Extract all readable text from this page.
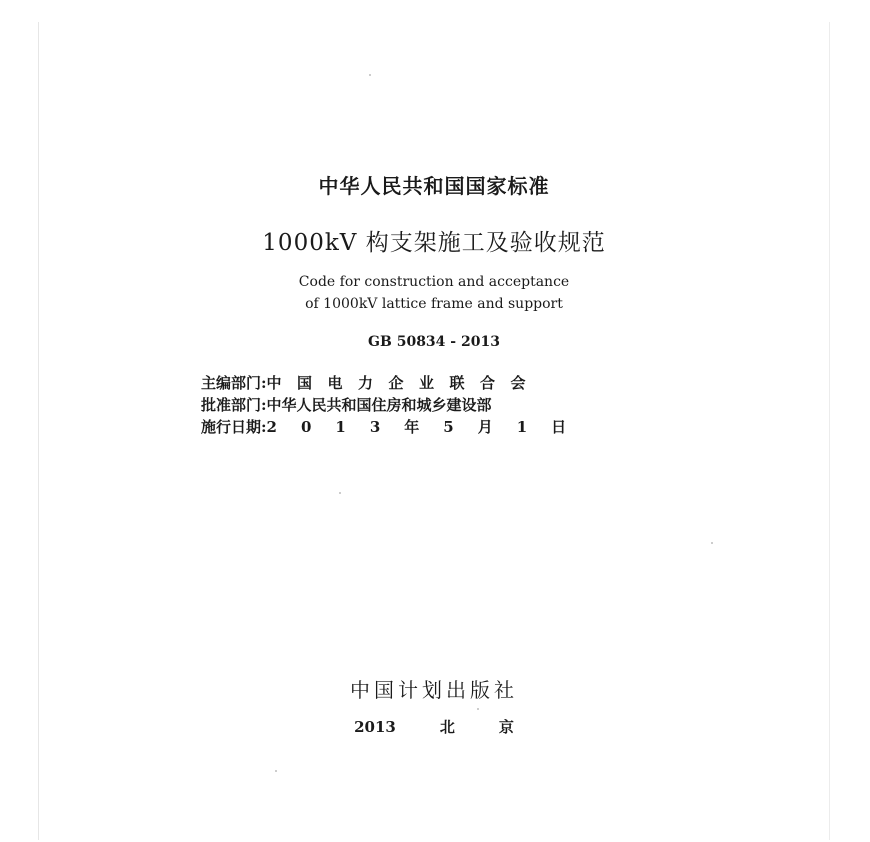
中华人民共和国国家标准
1000kV 构支架施工及验收规范
Code for construction and acceptance
of 1000kV lattice frame and support
GB 50834 - 2013
主编部门:中国电力企业联合会
批准部门:中华人民共和国住房和城乡建设部
施行日期:2013年5月1日
中国计划出版社
2013	北	京
